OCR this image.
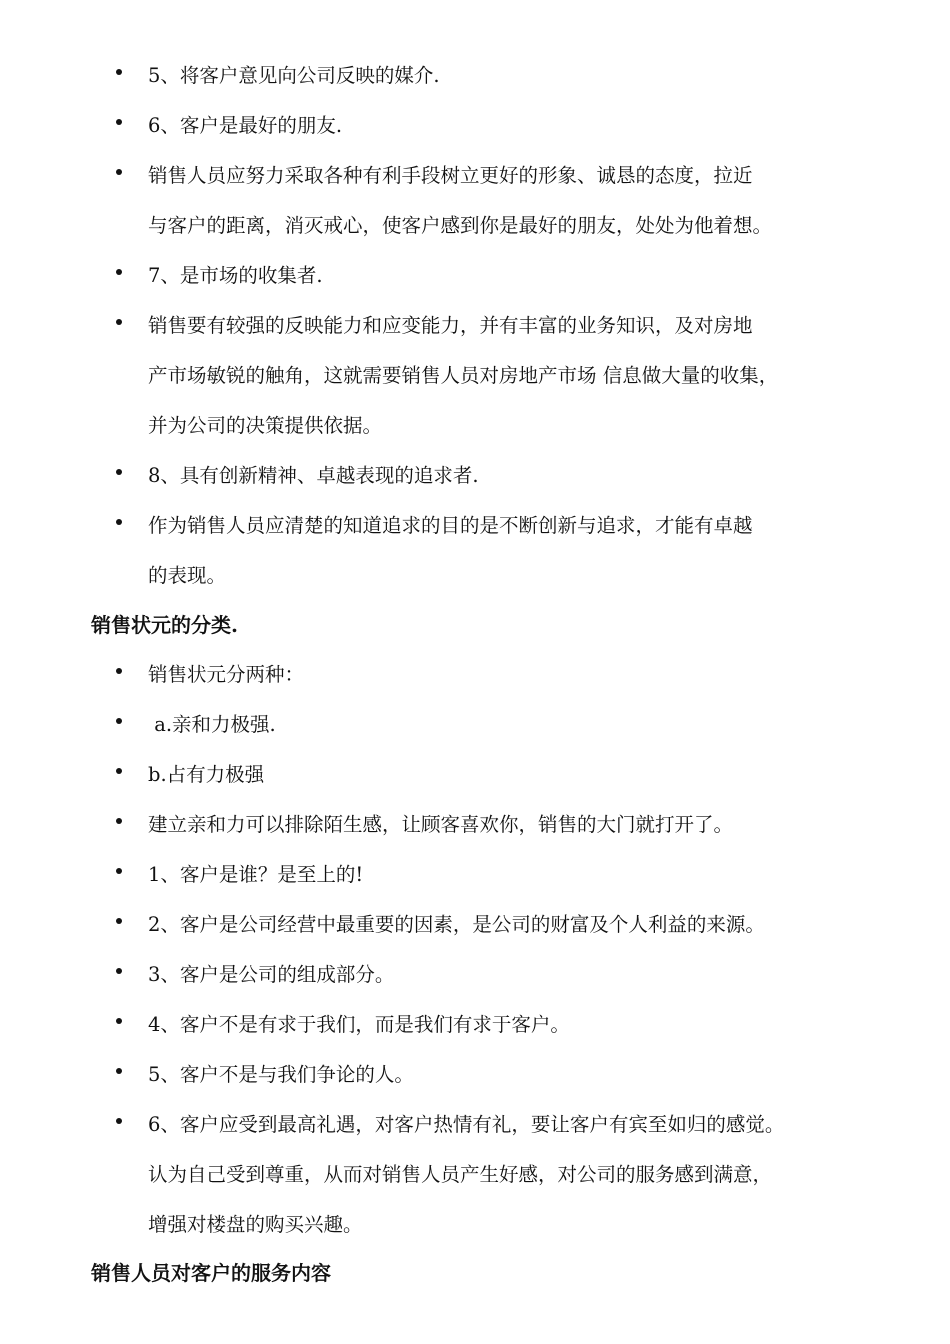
5、将客户意见向公司反映的媒介.
6、客户是最好的朋友.
销售人员应努力采取各种有利手段树立更好的形象、诚恳的态度，拉近
与客户的距离，消灭戒心，使客户感到你是最好的朋友，处处为他着想。
7、是市场的收集者.
销售要有较强的反映能力和应变能力，并有丰富的业务知识，及对房地
产市场敏锐的触角，这就需要销售人员对房地产市场 信息做大量的收集，
并为公司的决策提供依据。
8、具有创新精神、卓越表现的追求者.
作为销售人员应清楚的知道追求的目的是不断创新与追求，才能有卓越
的表现。
销售状元的分类.
销售状元分两种：
a.亲和力极强.
b.占有力极强
建立亲和力可以排除陌生感，让顾客喜欢你，销售的大门就打开了。
1、客户是谁？是至上的!
2、客户是公司经营中最重要的因素，是公司的财富及个人利益的来源。
3、客户是公司的组成部分。
4、客户不是有求于我们，而是我们有求于客户。
5、客户不是与我们争论的人。
6、客户应受到最高礼遇，对客户热情有礼，要让客户有宾至如归的感觉。
认为自己受到尊重，从而对销售人员产生好感，对公司的服务感到满意，
增强对楼盘的购买兴趣。
销售人员对客户的服务内容
